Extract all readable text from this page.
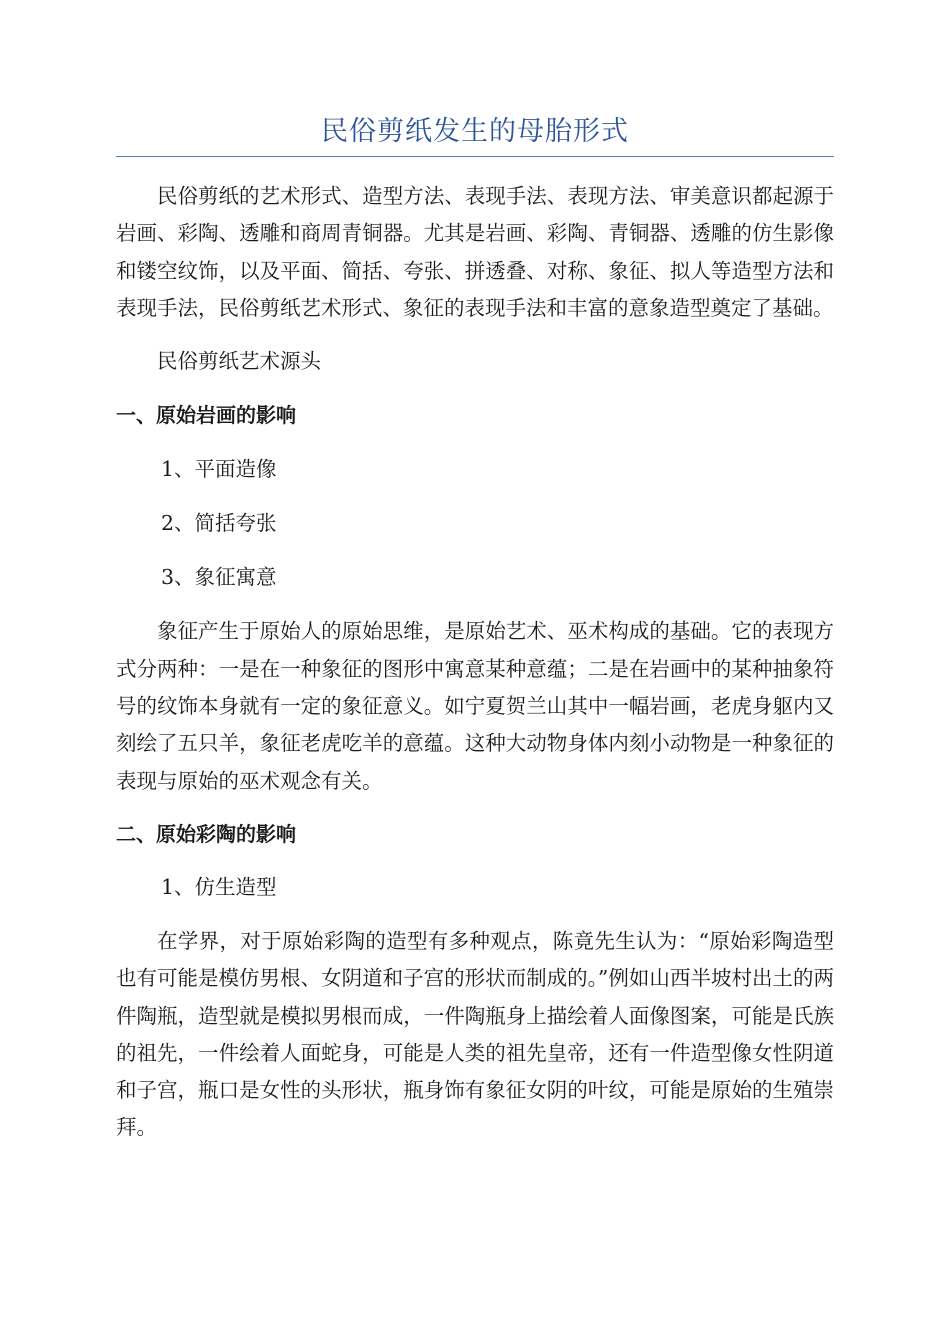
民俗剪纸发生的母胎形式

民俗剪纸的艺术形式、造型方法、表现手法、表现方法、审美意识都起源于岩画、彩陶、透雕和商周青铜器。尤其是岩画、彩陶、青铜器、透雕的仿生影像和镂空纹饰，以及平面、简括、夸张、拼透叠、对称、象征、拟人等造型方法和表现手法，民俗剪纸艺术形式、象征的表现手法和丰富的意象造型奠定了基础。

民俗剪纸艺术源头

一、原始岩画的影响

1、平面造像

2、简括夸张

3、象征寓意

象征产生于原始人的原始思维，是原始艺术、巫术构成的基础。它的表现方式分两种：一是在一种象征的图形中寓意某种意蕴；二是在岩画中的某种抽象符号的纹饰本身就有一定的象征意义。如宁夏贺兰山其中一幅岩画，老虎身躯内又刻绘了五只羊，象征老虎吃羊的意蕴。这种大动物身体内刻小动物是一种象征的表现与原始的巫术观念有关。

二、原始彩陶的影响

1、仿生造型

在学界，对于原始彩陶的造型有多种观点，陈竟先生认为：“原始彩陶造型也有可能是模仿男根、女阴道和子宫的形状而制成的。”例如山西半坡村出土的两件陶瓶，造型就是模拟男根而成，一件陶瓶身上描绘着人面像图案，可能是氏族的祖先，一件绘着人面蛇身，可能是人类的祖先皇帝，还有一件造型像女性阴道和子宫，瓶口是女性的头形状，瓶身饰有象征女阴的叶纹，可能是原始的生殖崇拜。
